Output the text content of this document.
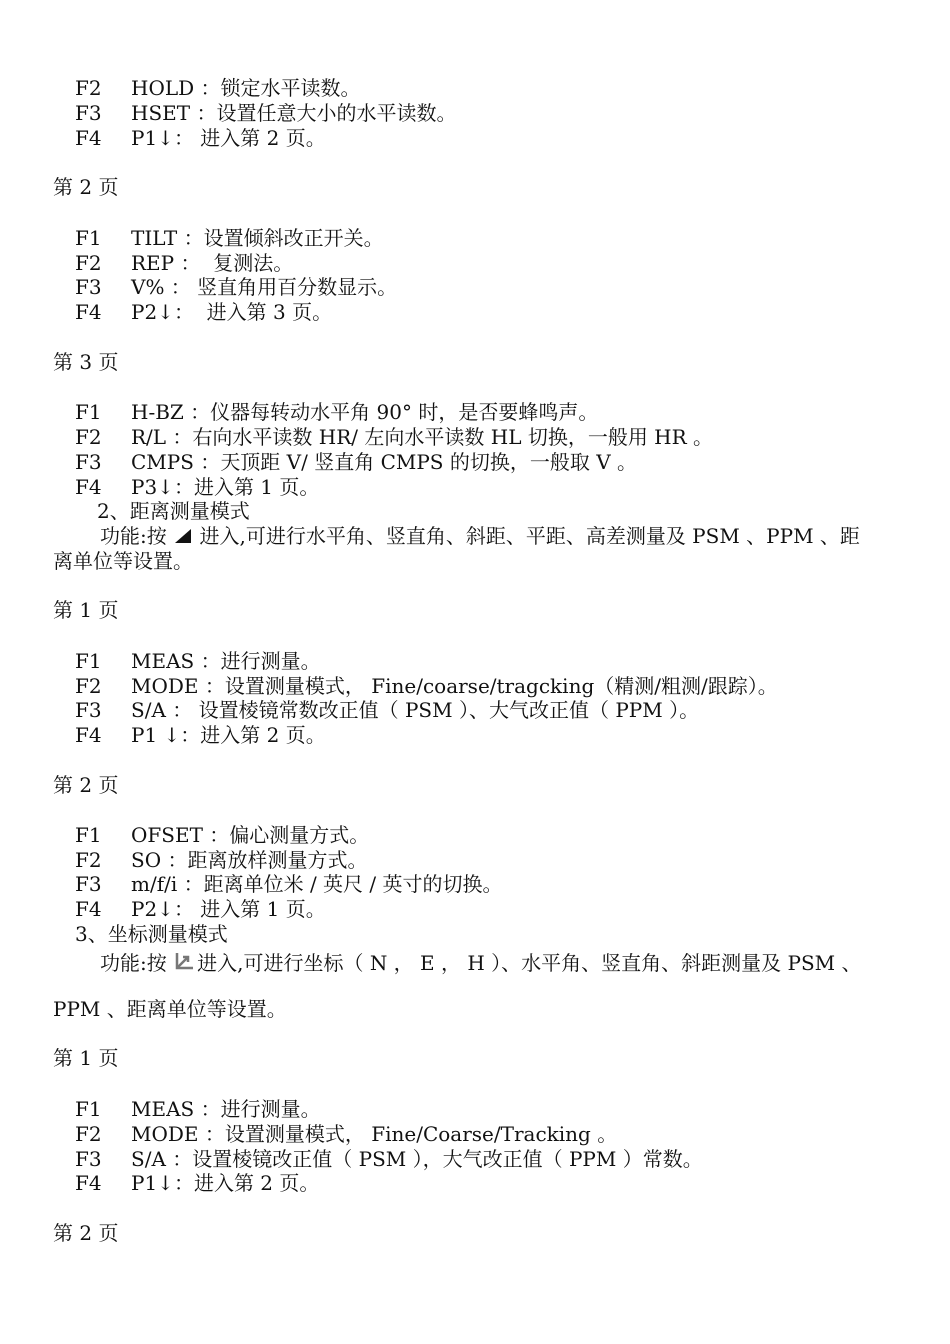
F2 HOLD ：锁定水平读数。
F3 HSET ：设置任意大小的水平读数。
F4 P1↓： 进入第 2 页。
第 2 页
F1 TILT ：设置倾斜改正开关。
F2 REP ：  复测法。
F3 V% ： 竖直角用百分数显示。
F4 P2↓：  进入第 3 页。
第 3 页
F1 H-BZ ：仪器每转动水平角 90° 时，是否要蜂鸣声。
F2 R/L ：右向水平读数 HR/ 左向水平读数 HL 切换，一般用 HR 。
F3 CMPS ：天顶距 V/ 竖直角 CMPS 的切换，一般取 V 。
F4 P3↓：进入第 1 页。
2、距离测量模式
功能:按  进入,可进行水平角、竖直角、斜距、平距、高差测量及 PSM 、PPM 、距
离单位等设置。
第 1 页
F1 MEAS ：进行测量。
F2 MODE ：设置测量模式， Fine/coarse/tragcking（精测/粗测/跟踪）。
F3 S/A ： 设置棱镜常数改正值（ PSM ）、大气改正值（ PPM ）。
F4 P1 ↓：进入第 2 页。
第 2 页
F1 OFSET ：偏心测量方式。
F2 SO ：距离放样测量方式。
F3 m/f/i ：距离单位米 / 英尺 / 英寸的切换。
F4 P2↓： 进入第 1 页。
3、坐标测量模式
功能:按 进入,可进行坐标（ N ， E ， H ）、水平角、竖直角、斜距测量及 PSM 、
PPM 、距离单位等设置。
第 1 页
F1 MEAS ：进行测量。
F2 MODE ：设置测量模式， Fine/Coarse/Tracking 。
F3 S/A ：设置棱镜改正值（ PSM ），大气改正值（ PPM ）常数。
F4 P1↓：进入第 2 页。
第 2 页
